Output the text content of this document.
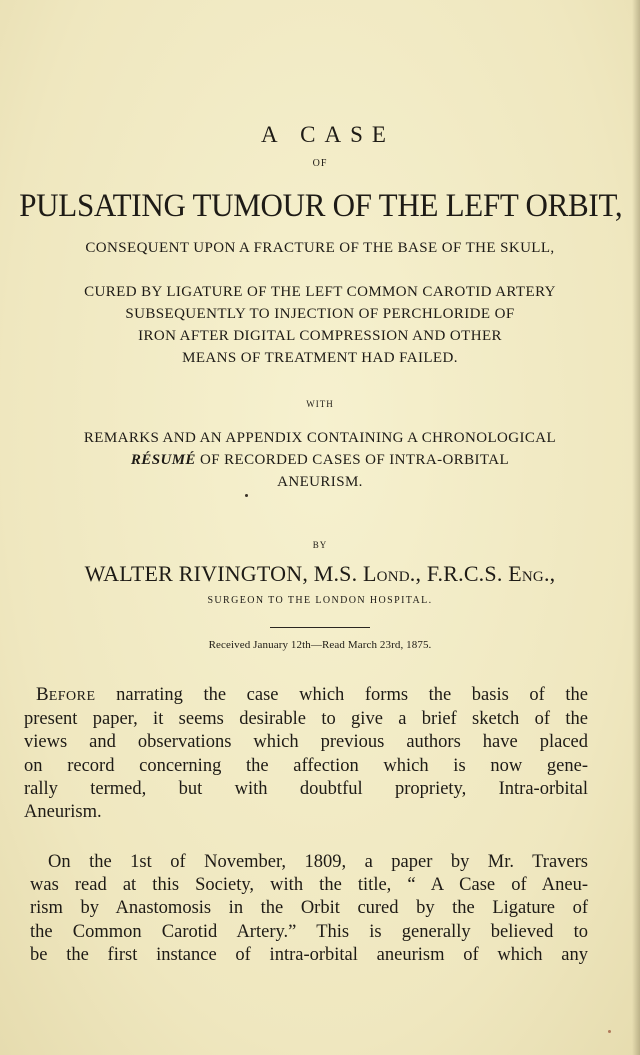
A CASE
OF
PULSATING TUMOUR OF THE LEFT ORBIT,
CONSEQUENT UPON A FRACTURE OF THE BASE OF THE SKULL,
CURED BY LIGATURE OF THE LEFT COMMON CAROTID ARTERY
SUBSEQUENTLY TO INJECTION OF PERCHLORIDE OF
IRON AFTER DIGITAL COMPRESSION AND OTHER
MEANS OF TREATMENT HAD FAILED.
WITH
REMARKS AND AN APPENDIX CONTAINING A CHRONOLOGICAL
RÉSUMÉ OF RECORDED CASES OF INTRA-ORBITAL
ANEURISM.
BY
WALTER RIVINGTON, M.S. LOND., F.R.C.S. ENG.,
SURGEON TO THE LONDON HOSPITAL.
Received January 12th—Read March 23rd, 1875.
BEFORE narrating the case which forms the basis of the
present paper, it seems desirable to give a brief sketch of the
views and observations which previous authors have placed
on record concerning the affection which is now gene-
rally termed, but with doubtful propriety, Intra-orbital
Aneurism.
On the 1st of November, 1809, a paper by Mr. Travers
was read at this Society, with the title, “ A Case of Aneu-
rism by Anastomosis in the Orbit cured by the Ligature of
the Common Carotid Artery.” This is generally believed to
be the first instance of intra-orbital aneurism of which any
